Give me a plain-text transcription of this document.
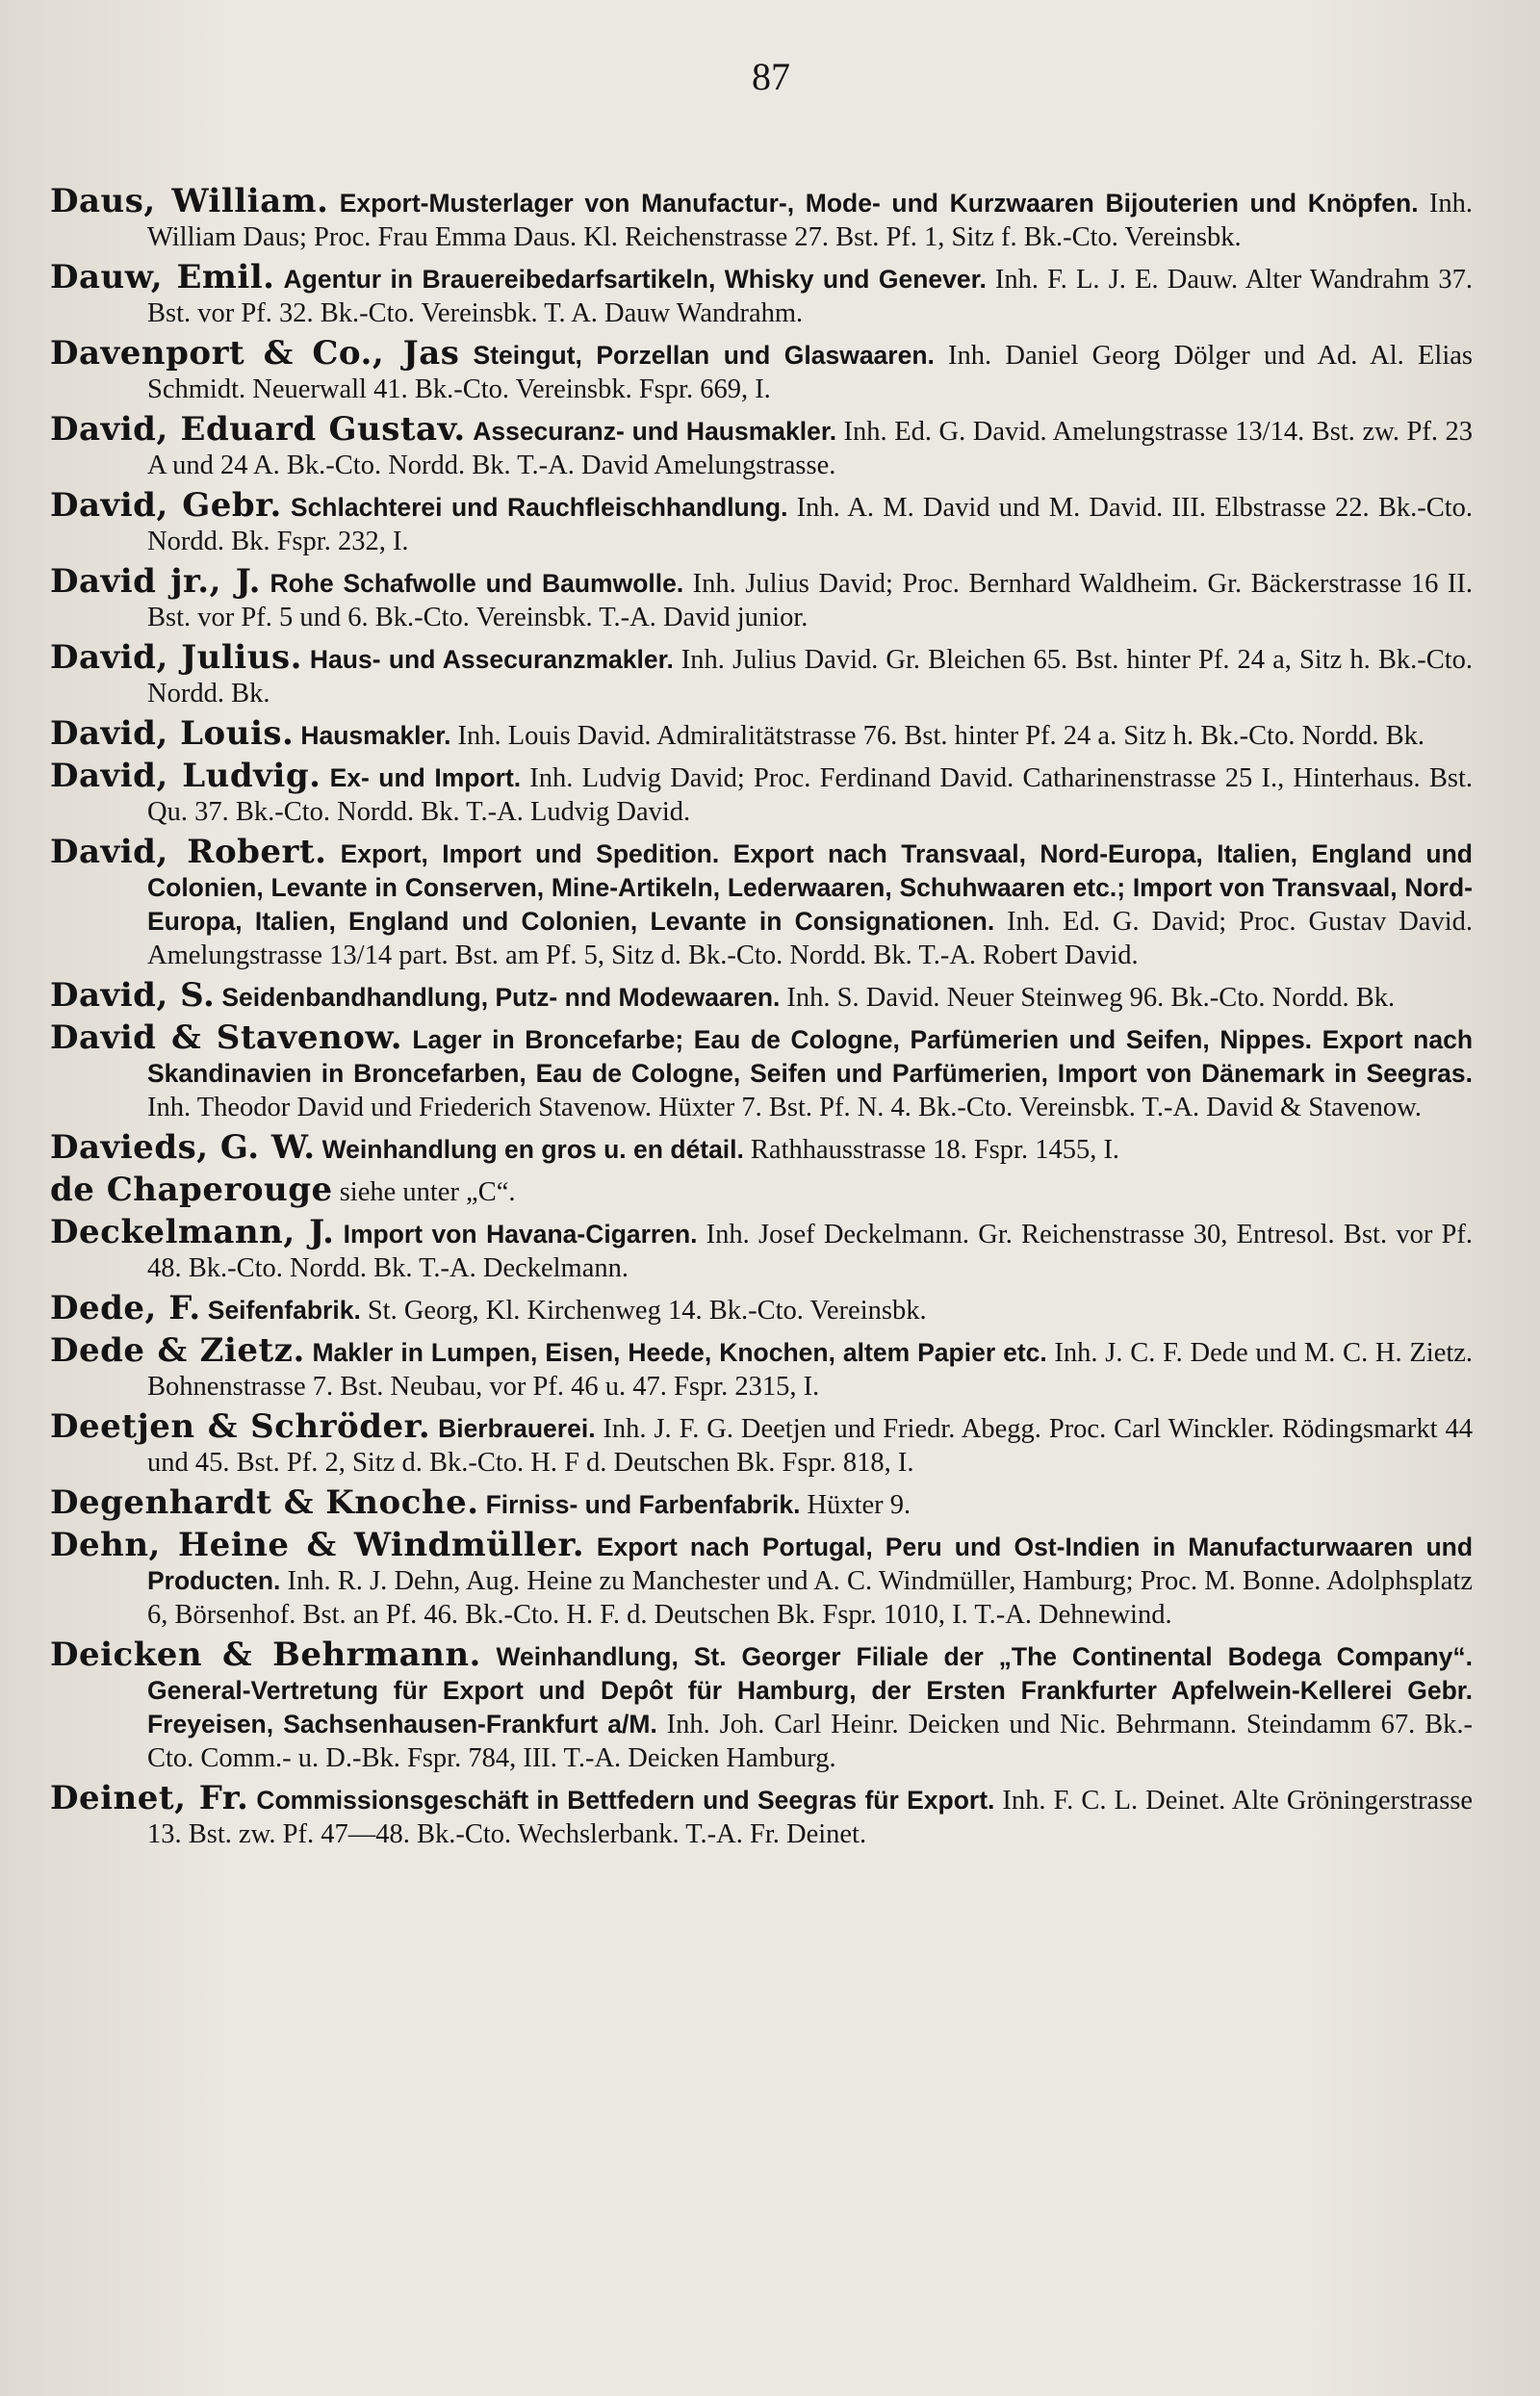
87

Daus, William. Export-Musterlager von Manufactur-, Mode- und Kurzwaaren Bijouterien und Knöpfen. Inh. William Daus; Proc. Frau Emma Daus. Kl. Reichenstrasse 27. Bst. Pf. 1, Sitz f. Bk.-Cto. Vereinsbk.

Dauw, Emil. Agentur in Brauereibedarfsartikeln, Whisky und Genever. Inh. F. L. J. E. Dauw. Alter Wandrahm 37. Bst. vor Pf. 32. Bk.-Cto. Vereinsbk. T. A. Dauw Wandrahm.

Davenport & Co., Jas Steingut, Porzellan und Glaswaaren. Inh. Daniel Georg Dölger und Ad. Al. Elias Schmidt. Neuerwall 41. Bk.-Cto. Vereinsbk. Fspr. 669, I.

David, Eduard Gustav. Assecuranz- und Hausmakler. Inh. Ed. G. David. Amelungstrasse 13/14. Bst. zw. Pf. 23 A und 24 A. Bk.-Cto. Nordd. Bk. T.-A. David Amelungstrasse.

David, Gebr. Schlachterei und Rauchfleischhandlung. Inh. A. M. David und M. David. III. Elbstrasse 22. Bk.-Cto. Nordd. Bk. Fspr. 232, I.

David jr., J. Rohe Schafwolle und Baumwolle. Inh. Julius David; Proc. Bernhard Waldheim. Gr. Bäckerstrasse 16 II. Bst. vor Pf. 5 und 6. Bk.-Cto. Vereinsbk. T.-A. David junior.

David, Julius. Haus- und Assecuranzmakler. Inh. Julius David. Gr. Bleichen 65. Bst. hinter Pf. 24 a, Sitz h. Bk.-Cto. Nordd. Bk.

David, Louis. Hausmakler. Inh. Louis David. Admiralitätstrasse 76. Bst. hinter Pf. 24 a. Sitz h. Bk.-Cto. Nordd. Bk.

David, Ludvig. Ex- und Import. Inh. Ludvig David; Proc. Ferdinand David. Catharinenstrasse 25 I., Hinterhaus. Bst. Qu. 37. Bk.-Cto. Nordd. Bk. T.-A. Ludvig David.

David, Robert. Export, Import und Spedition. Export nach Transvaal, Nord-Europa, Italien, England und Colonien, Levante in Conserven, Mine-Artikeln, Lederwaaren, Schuhwaaren etc.; Import von Transvaal, Nord-Europa, Italien, England und Colonien, Levante in Consignationen. Inh. Ed. G. David; Proc. Gustav David. Amelungstrasse 13/14 part. Bst. am Pf. 5, Sitz d. Bk.-Cto. Nordd. Bk. T.-A. Robert David.

David, S. Seidenbandhandlung, Putz- nnd Modewaaren. Inh. S. David. Neuer Steinweg 96. Bk.-Cto. Nordd. Bk.

David & Stavenow. Lager in Broncefarbe; Eau de Cologne, Parfümerien und Seifen, Nippes. Export nach Skandinavien in Broncefarben, Eau de Cologne, Seifen und Parfümerien, Import von Dänemark in Seegras. Inh. Theodor David und Friederich Stavenow. Hüxter 7. Bst. Pf. N. 4. Bk.-Cto. Vereinsbk. T.-A. David & Stavenow.

Davieds, G. W. Weinhandlung en gros u. en détail. Rathhausstrasse 18. Fspr. 1455, I.

de Chaperouge siehe unter „C“.

Deckelmann, J. Import von Havana-Cigarren. Inh. Josef Deckelmann. Gr. Reichenstrasse 30, Entresol. Bst. vor Pf. 48. Bk.-Cto. Nordd. Bk. T.-A. Deckelmann.

Dede, F. Seifenfabrik. St. Georg, Kl. Kirchenweg 14. Bk.-Cto. Vereinsbk.

Dede & Zietz. Makler in Lumpen, Eisen, Heede, Knochen, altem Papier etc. Inh. J. C. F. Dede und M. C. H. Zietz. Bohnenstrasse 7. Bst. Neubau, vor Pf. 46 u. 47. Fspr. 2315, I.

Deetjen & Schröder. Bierbrauerei. Inh. J. F. G. Deetjen und Friedr. Abegg. Proc. Carl Winckler. Rödingsmarkt 44 und 45. Bst. Pf. 2, Sitz d. Bk.-Cto. H. F d. Deutschen Bk. Fspr. 818, I.

Degenhardt & Knoche. Firniss- und Farbenfabrik. Hüxter 9.

Dehn, Heine & Windmüller. Export nach Portugal, Peru und Ost-Indien in Manufacturwaaren und Producten. Inh. R. J. Dehn, Aug. Heine zu Manchester und A. C. Windmüller, Hamburg; Proc. M. Bonne. Adolphsplatz 6, Börsenhof. Bst. an Pf. 46. Bk.-Cto. H. F. d. Deutschen Bk. Fspr. 1010, I. T.-A. Dehnewind.

Deicken & Behrmann. Weinhandlung, St. Georger Filiale der „The Continental Bodega Company“. General-Vertretung für Export und Depôt für Hamburg, der Ersten Frankfurter Apfelwein-Kellerei Gebr. Freyeisen, Sachsenhausen-Frankfurt a/M. Inh. Joh. Carl Heinr. Deicken und Nic. Behrmann. Steindamm 67. Bk.-Cto. Comm.- u. D.-Bk. Fspr. 784, III. T.-A. Deicken Hamburg.

Deinet, Fr. Commissionsgeschäft in Bettfedern und Seegras für Export. Inh. F. C. L. Deinet. Alte Gröningerstrasse 13. Bst. zw. Pf. 47—48. Bk.-Cto. Wechslerbank. T.-A. Fr. Deinet.
